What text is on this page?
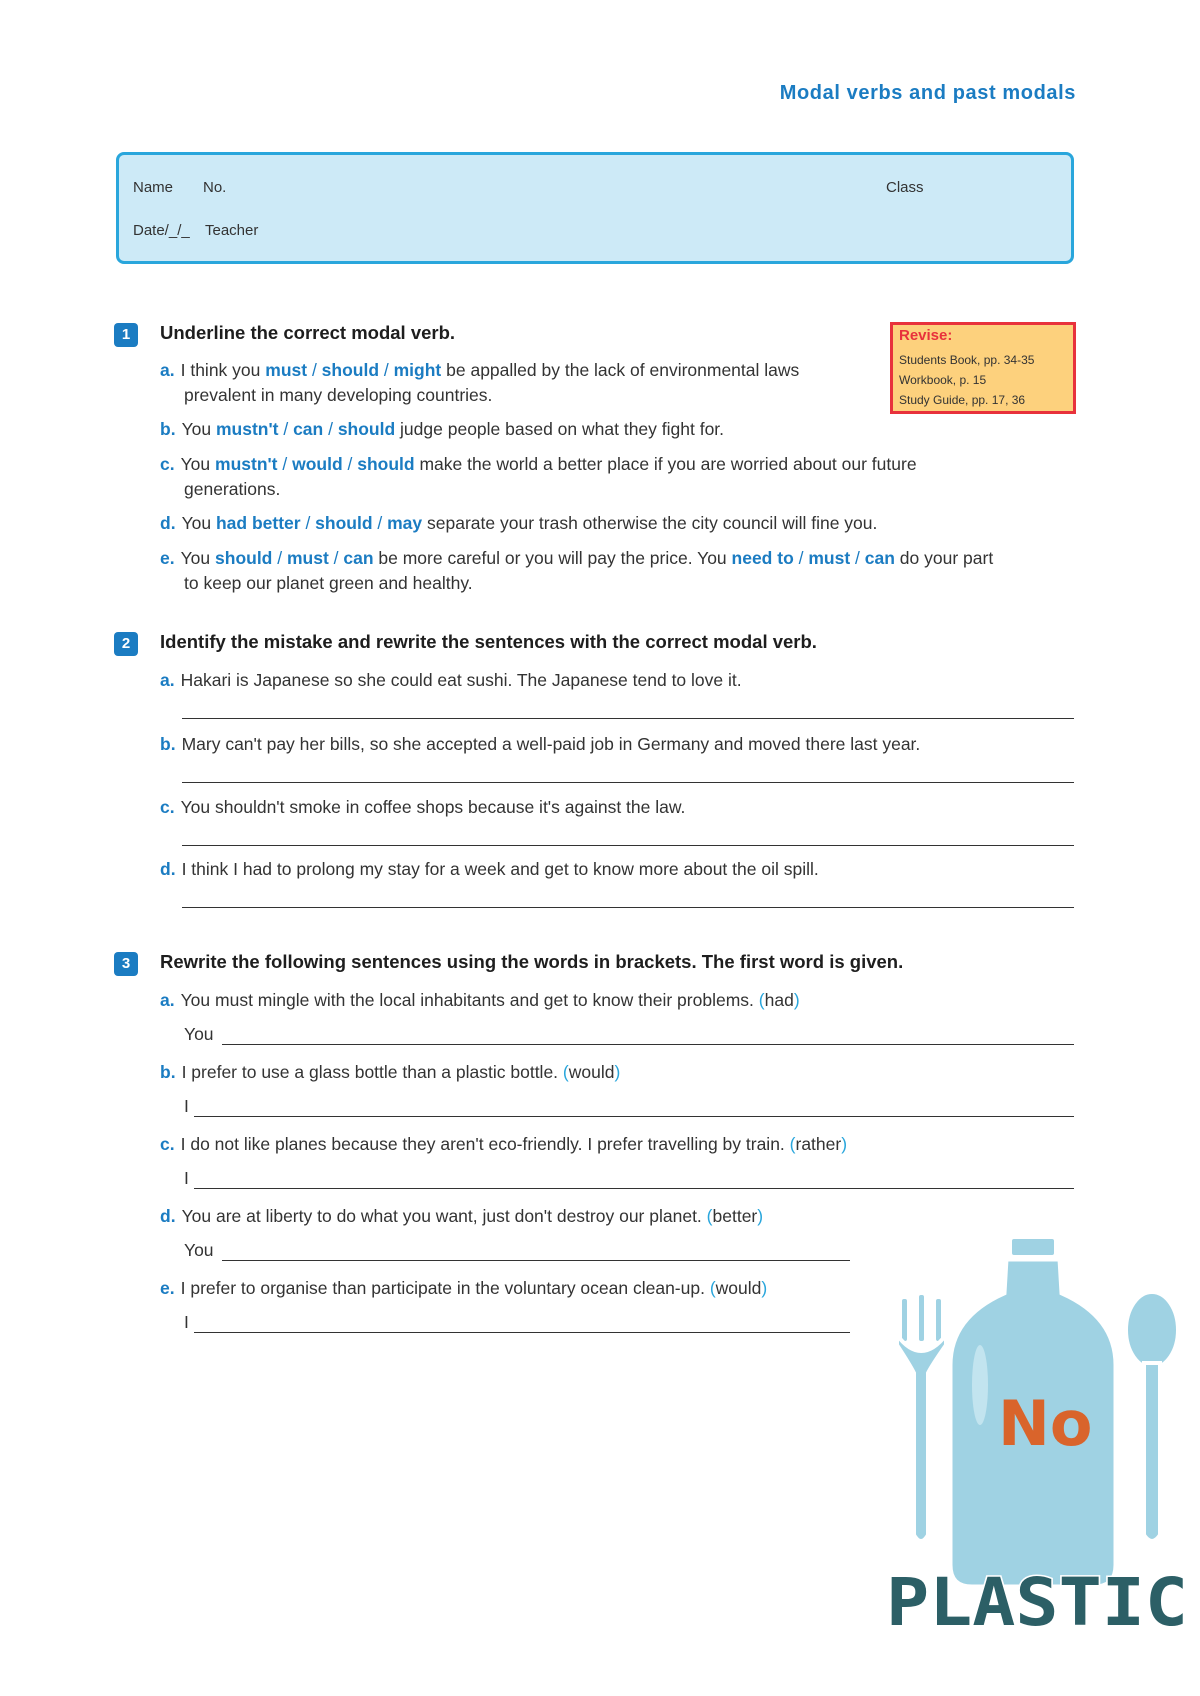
Modal verbs and past modals
Name No.	Class
Date/_/_ Teacher
Revise:
Students Book, pp. 34-35
Workbook, p. 15
Study Guide, pp. 17, 36
1	Underline the correct modal verb.
a. I think you must / should / might be appalled by the lack of environmental laws
prevalent in many developing countries.
b. You mustn't / can / should judge people based on what they fight for.
c. You mustn't / would / should make the world a better place if you are worried about our future
generations.
d. You had better / should / may separate your trash otherwise the city council will fine you.
e. You should / must / can be more careful or you will pay the price. You need to / must / can do your part
to keep our planet green and healthy.
2	Identify the mistake and rewrite the sentences with the correct modal verb.
a. Hakari is Japanese so she could eat sushi. The Japanese tend to love it.
b. Mary can't pay her bills, so she accepted a well-paid job in Germany and moved there last year.
c. You shouldn't smoke in coffee shops because it's against the law.
d. I think I had to prolong my stay for a week and get to know more about the oil spill.
3	Rewrite the following sentences using the words in brackets. The first word is given.
a. You must mingle with the local inhabitants and get to know their problems. (had)
You
b. I prefer to use a glass bottle than a plastic bottle. (would)
I
c. I do not like planes because they aren't eco-friendly. I prefer travelling by train. (rather)
I
d. You are at liberty to do what you want, just don't destroy our planet. (better)
You
e. I prefer to organise than participate in the voluntary ocean clean-up. (would)
I
No
PLASTIC
